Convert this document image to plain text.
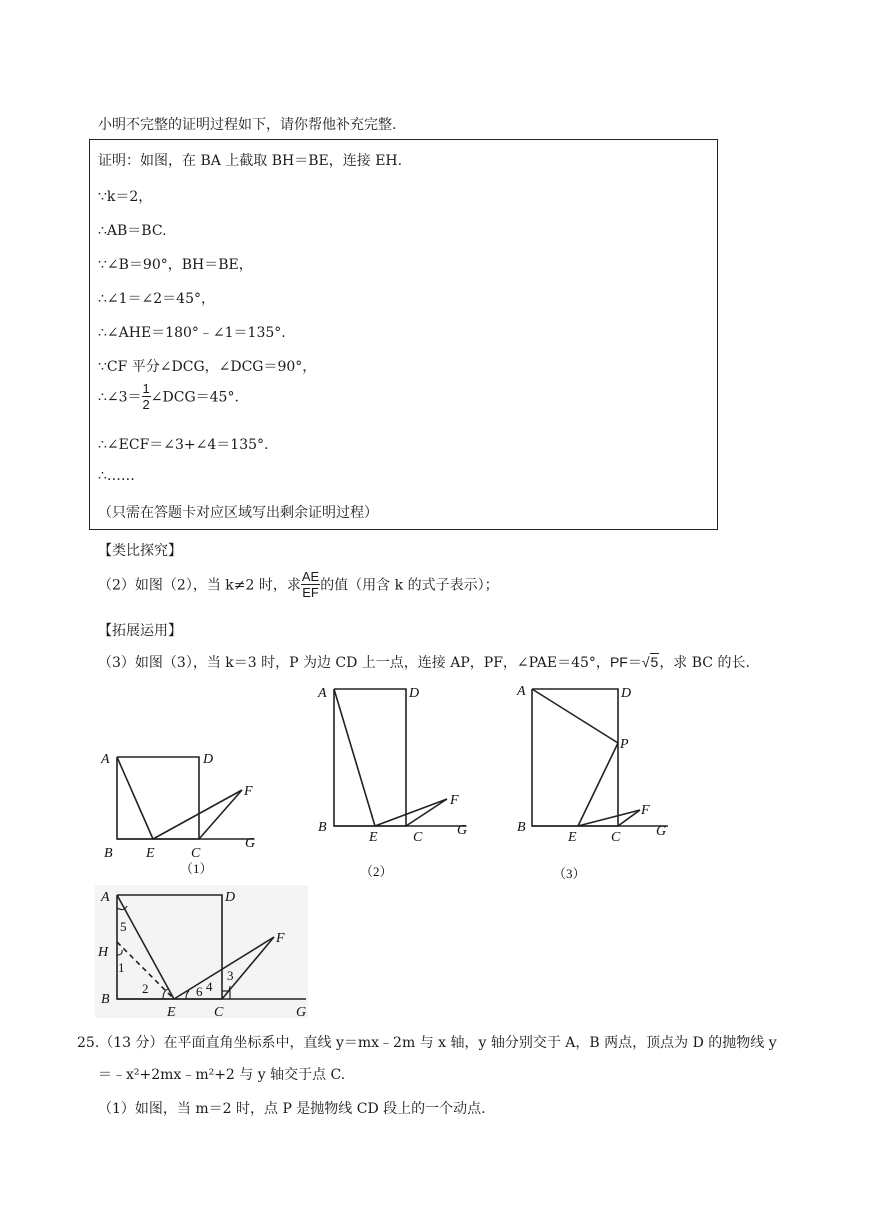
小明不完整的证明过程如下，请你帮他补充完整.
证明：如图，在 BA 上截取 BH＝BE，连接 EH.
∵k＝2，
∴AB＝BC.
∵∠B＝90°，BH＝BE，
∴∠1＝∠2＝45°，
∴∠AHE＝180°﹣∠1＝135°.
∵CF 平分∠DCG，∠DCG＝90°，
∴∠3＝ $\frac{1}{2}$ ∠DCG＝45°.
∴∠ECF＝∠3+∠4＝135°.
∴……
（只需在答题卡对应区域写出剩余证明过程）
【类比探究】
（2）如图（2），当 k≠2 时，求 $\frac{AE}{EF}$ 的值（用含 k 的式子表示）；
【拓展运用】
（3）如图（3），当 k＝3 时，P 为边 CD 上一点，连接 AP，PF，∠PAE＝45°，PF＝√5，求 BC 的长.
A	D
F
B E	C
G
（1）
A	D
F
B
E	C G
（2）
A	D
P
F
B
E C	G
（3）
A	D
F
H
B
E	C	G
5
1
2	6 4
3
25.（13 分）在平面直角坐标系中，直线 y＝mx﹣2m 与 x 轴，y 轴分别交于 A，B 两点，顶点为 D 的抛物线 y
＝﹣x²+2mx﹣m²+2 与 y 轴交于点 C.
（1）如图，当 m＝2 时，点 P 是抛物线 CD 段上的一个动点.
